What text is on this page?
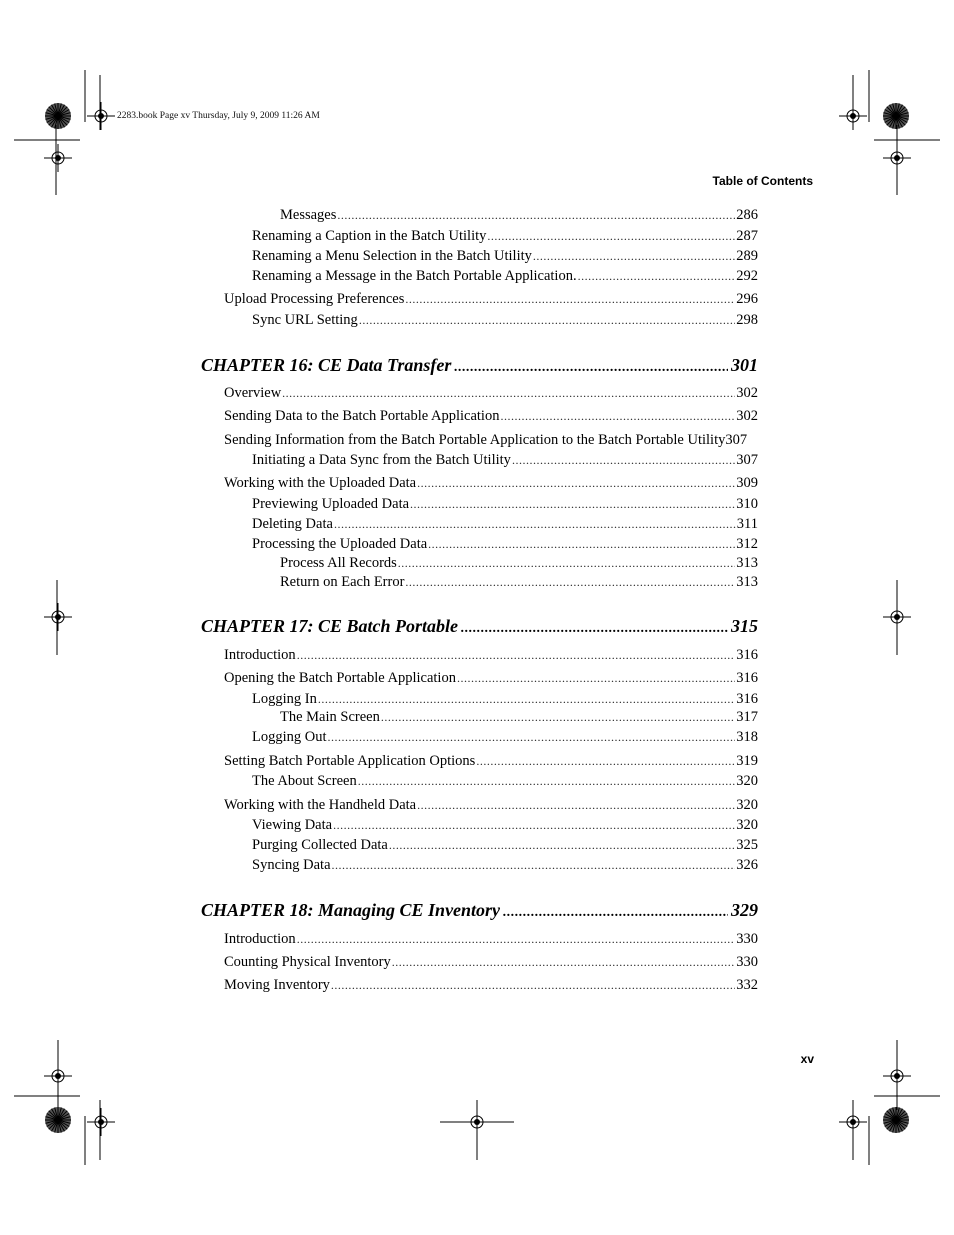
2283.book Page xv Thursday, July 9, 2009 11:26 AM
Table of Contents
Messages .....	286
Renaming a Caption in the Batch Utility .....	287
Renaming a Menu Selection in the Batch Utility .....	289
Renaming a Message in the Batch Portable Application. .....	292
Upload Processing Preferences .....	296
Sync URL Setting .....	298
CHAPTER 16: CE Data Transfer .....	301
Overview .....	302
Sending Data to the Batch Portable Application .....	302
Sending Information from the Batch Portable Application to the Batch Portable Utility 307
Initiating a Data Sync from the Batch Utility .....	307
Working with the Uploaded Data .....	309
Previewing Uploaded Data .....	310
Deleting Data .....	311
Processing the Uploaded Data .....	312
Process All Records .....	313
Return on Each Error .....	313
CHAPTER 17: CE Batch Portable .....	315
Introduction .....	316
Opening the Batch Portable Application .....	316
Logging In .....	316
The Main Screen .....	317
Logging Out .....	318
Setting Batch Portable Application Options .....	319
The About Screen .....	320
Working with the Handheld Data .....	320
Viewing Data .....	320
Purging Collected Data .....	325
Syncing Data .....	326
CHAPTER 18: Managing CE Inventory .....	329
Introduction .....	330
Counting Physical Inventory .....	330
Moving Inventory .....	332
xv
